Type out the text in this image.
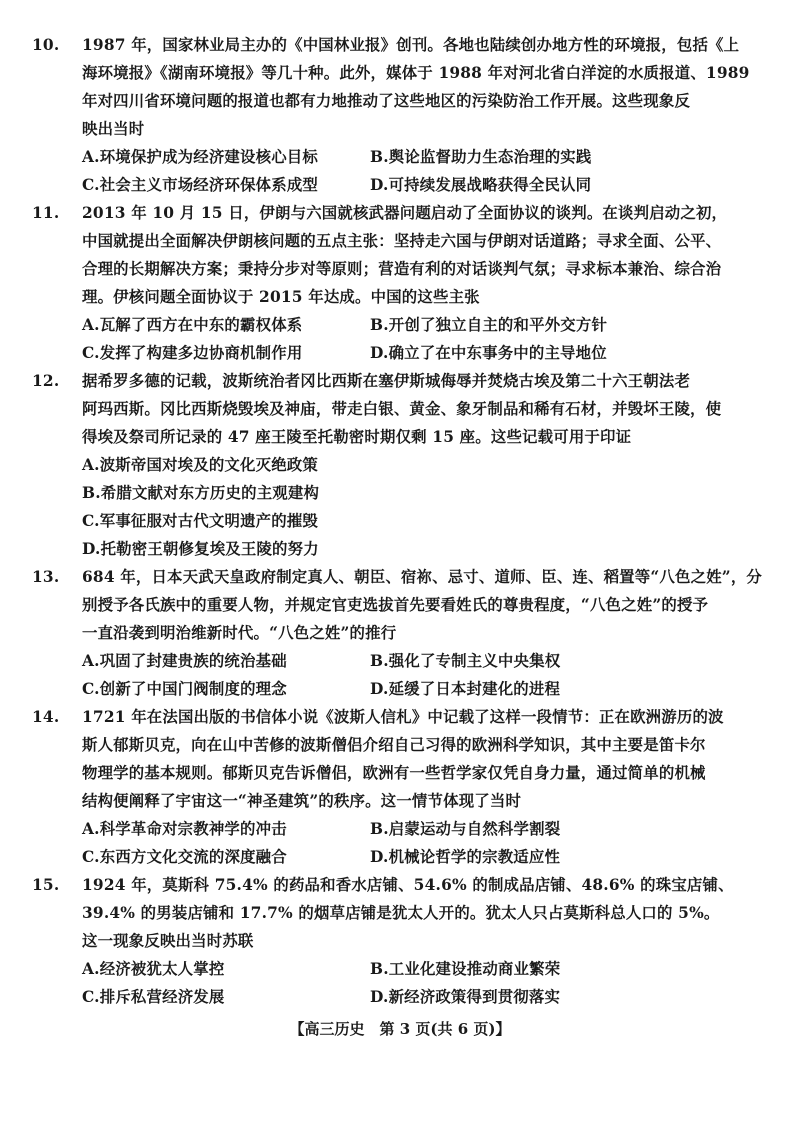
10. 1987 年，国家林业局主办的《中国林业报》创刊。各地也陆续创办地方性的环境报，包括《上
海环境报》《湖南环境报》等几十种。此外，媒体于 1988 年对河北省白洋淀的水质报道、1989
年对四川省环境问题的报道也都有力地推动了这些地区的污染防治工作开展。这些现象反
映出当时
A.环境保护成为经济建设核心目标	B.舆论监督助力生态治理的实践
C.社会主义市场经济环保体系成型	D.可持续发展战略获得全民认同
11. 2013 年 10 月 15 日，伊朗与六国就核武器问题启动了全面协议的谈判。在谈判启动之初，
中国就提出全面解决伊朗核问题的五点主张：坚持走六国与伊朗对话道路；寻求全面、公平、
合理的长期解决方案；秉持分步对等原则；营造有利的对话谈判气氛；寻求标本兼治、综合治
理。伊核问题全面协议于 2015 年达成。中国的这些主张
A.瓦解了西方在中东的霸权体系	B.开创了独立自主的和平外交方针
C.发挥了构建多边协商机制作用	D.确立了在中东事务中的主导地位
12. 据希罗多德的记载，波斯统治者冈比西斯在塞伊斯城侮辱并焚烧古埃及第二十六王朝法老
阿玛西斯。冈比西斯烧毁埃及神庙，带走白银、黄金、象牙制品和稀有石材，并毁坏王陵，使
得埃及祭司所记录的 47 座王陵至托勒密时期仅剩 15 座。这些记载可用于印证
A.波斯帝国对埃及的文化灭绝政策
B.希腊文献对东方历史的主观建构
C.军事征服对古代文明遗产的摧毁
D.托勒密王朝修复埃及王陵的努力
13. 684 年，日本天武天皇政府制定真人、朝臣、宿祢、忌寸、道师、臣、连、稻置等“八色之姓”，分
别授予各氏族中的重要人物，并规定官吏选拔首先要看姓氏的尊贵程度，“八色之姓”的授予
一直沿袭到明治维新时代。“八色之姓”的推行
A.巩固了封建贵族的统治基础	B.强化了专制主义中央集权
C.创新了中国门阀制度的理念	D.延缓了日本封建化的进程
14. 1721 年在法国出版的书信体小说《波斯人信札》中记载了这样一段情节：正在欧洲游历的波
斯人郁斯贝克，向在山中苦修的波斯僧侣介绍自己习得的欧洲科学知识，其中主要是笛卡尔
物理学的基本规则。郁斯贝克告诉僧侣，欧洲有一些哲学家仅凭自身力量，通过简单的机械
结构便阐释了宇宙这一“神圣建筑”的秩序。这一情节体现了当时
A.科学革命对宗教神学的冲击	B.启蒙运动与自然科学割裂
C.东西方文化交流的深度融合	D.机械论哲学的宗教适应性
15. 1924 年，莫斯科 75.4% 的药品和香水店铺、54.6% 的制成品店铺、48.6% 的珠宝店铺、
39.4% 的男装店铺和 17.7% 的烟草店铺是犹太人开的。犹太人只占莫斯科总人口的 5%。
这一现象反映出当时苏联
A.经济被犹太人掌控	B.工业化建设推动商业繁荣
C.排斥私营经济发展	D.新经济政策得到贯彻落实
【高三历史　第 3 页(共 6 页)】
